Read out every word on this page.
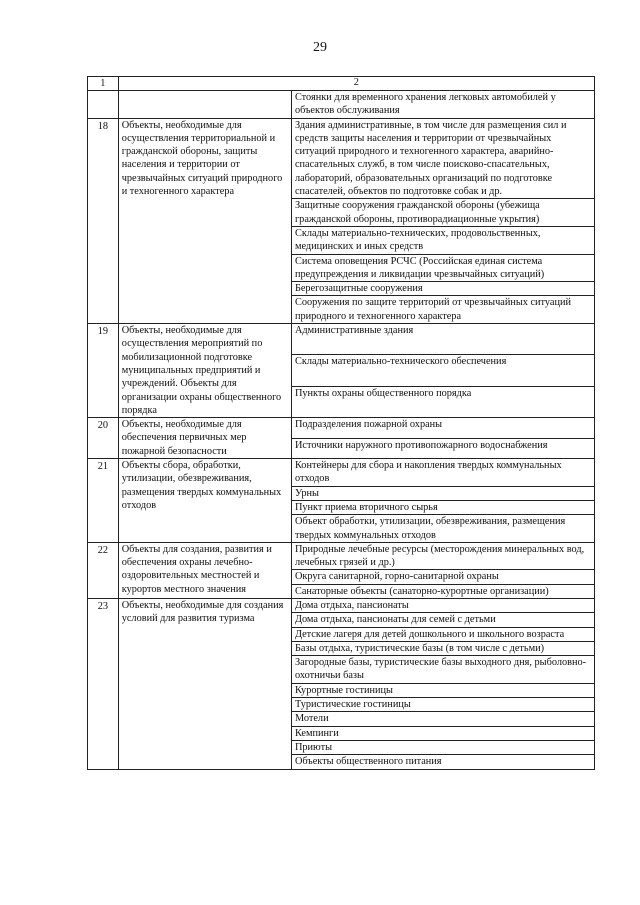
29
1	2	
		Стоянки для временного хранения легковых автомобилей у объектов обслуживания
18	Объекты, необходимые для осуществления территориальной и гражданской обороны, защиты населения и территории от чрезвычайных ситуаций природного и техногенного характера	Здания административные, в том числе для размещения сил и средств защиты населения и территории от чрезвычайных ситуаций природного и техногенного характера, аварийно-спасательных служб, в том числе поисково-спасательных, лабораторий, образовательных организаций по подготовке спасателей, объектов по подготовке собак и др.
		Защитные сооружения гражданской обороны (убежища гражданской обороны, противорадиационные укрытия)
		Склады материально-технических, продовольственных, медицинских и иных средств
		Система оповещения РСЧС (Российская единая система предупреждения и ликвидации чрезвычайных ситуаций)
		Берегозащитные сооружения
		Сооружения по защите территорий от чрезвычайных ситуаций природного и техногенного характера
19	Объекты, необходимые для осуществления мероприятий по мобилизационной подготовке муниципальных предприятий и учреждений. Объекты для организации охраны общественного порядка	Административные здания
		Склады материально-технического обеспечения
		Пункты охраны общественного порядка
20	Объекты, необходимые для обеспечения первичных мер пожарной безопасности	Подразделения пожарной охраны
		Источники наружного противопожарного водоснабжения
21	Объекты сбора, обработки, утилизации, обезвреживания, размещения твердых коммунальных отходов	Контейнеры для сбора и накопления твердых коммунальных отходов
		Урны
		Пункт приема вторичного сырья
		Объект обработки, утилизации, обезвреживания, размещения твердых коммунальных отходов
22	Объекты для создания, развития и обеспечения охраны лечебно-оздоровительных местностей и курортов местного значения	Природные лечебные ресурсы (месторождения минеральных вод, лечебных грязей и др.)
		Округа санитарной, горно-санитарной охраны
		Санаторные объекты (санаторно-курортные организации)
23	Объекты, необходимые для создания условий для развития туризма	Дома отдыха, пансионаты
		Дома отдыха, пансионаты для семей с детьми
		Детские лагеря для детей дошкольного и школьного возраста
		Базы отдыха, туристические базы (в том числе с детьми)
		Загородные базы, туристические базы выходного дня, рыболовно-охотничьи базы
		Курортные гостиницы
		Туристические гостиницы
		Мотели
		Кемпинги
		Приюты
		Объекты общественного питания
